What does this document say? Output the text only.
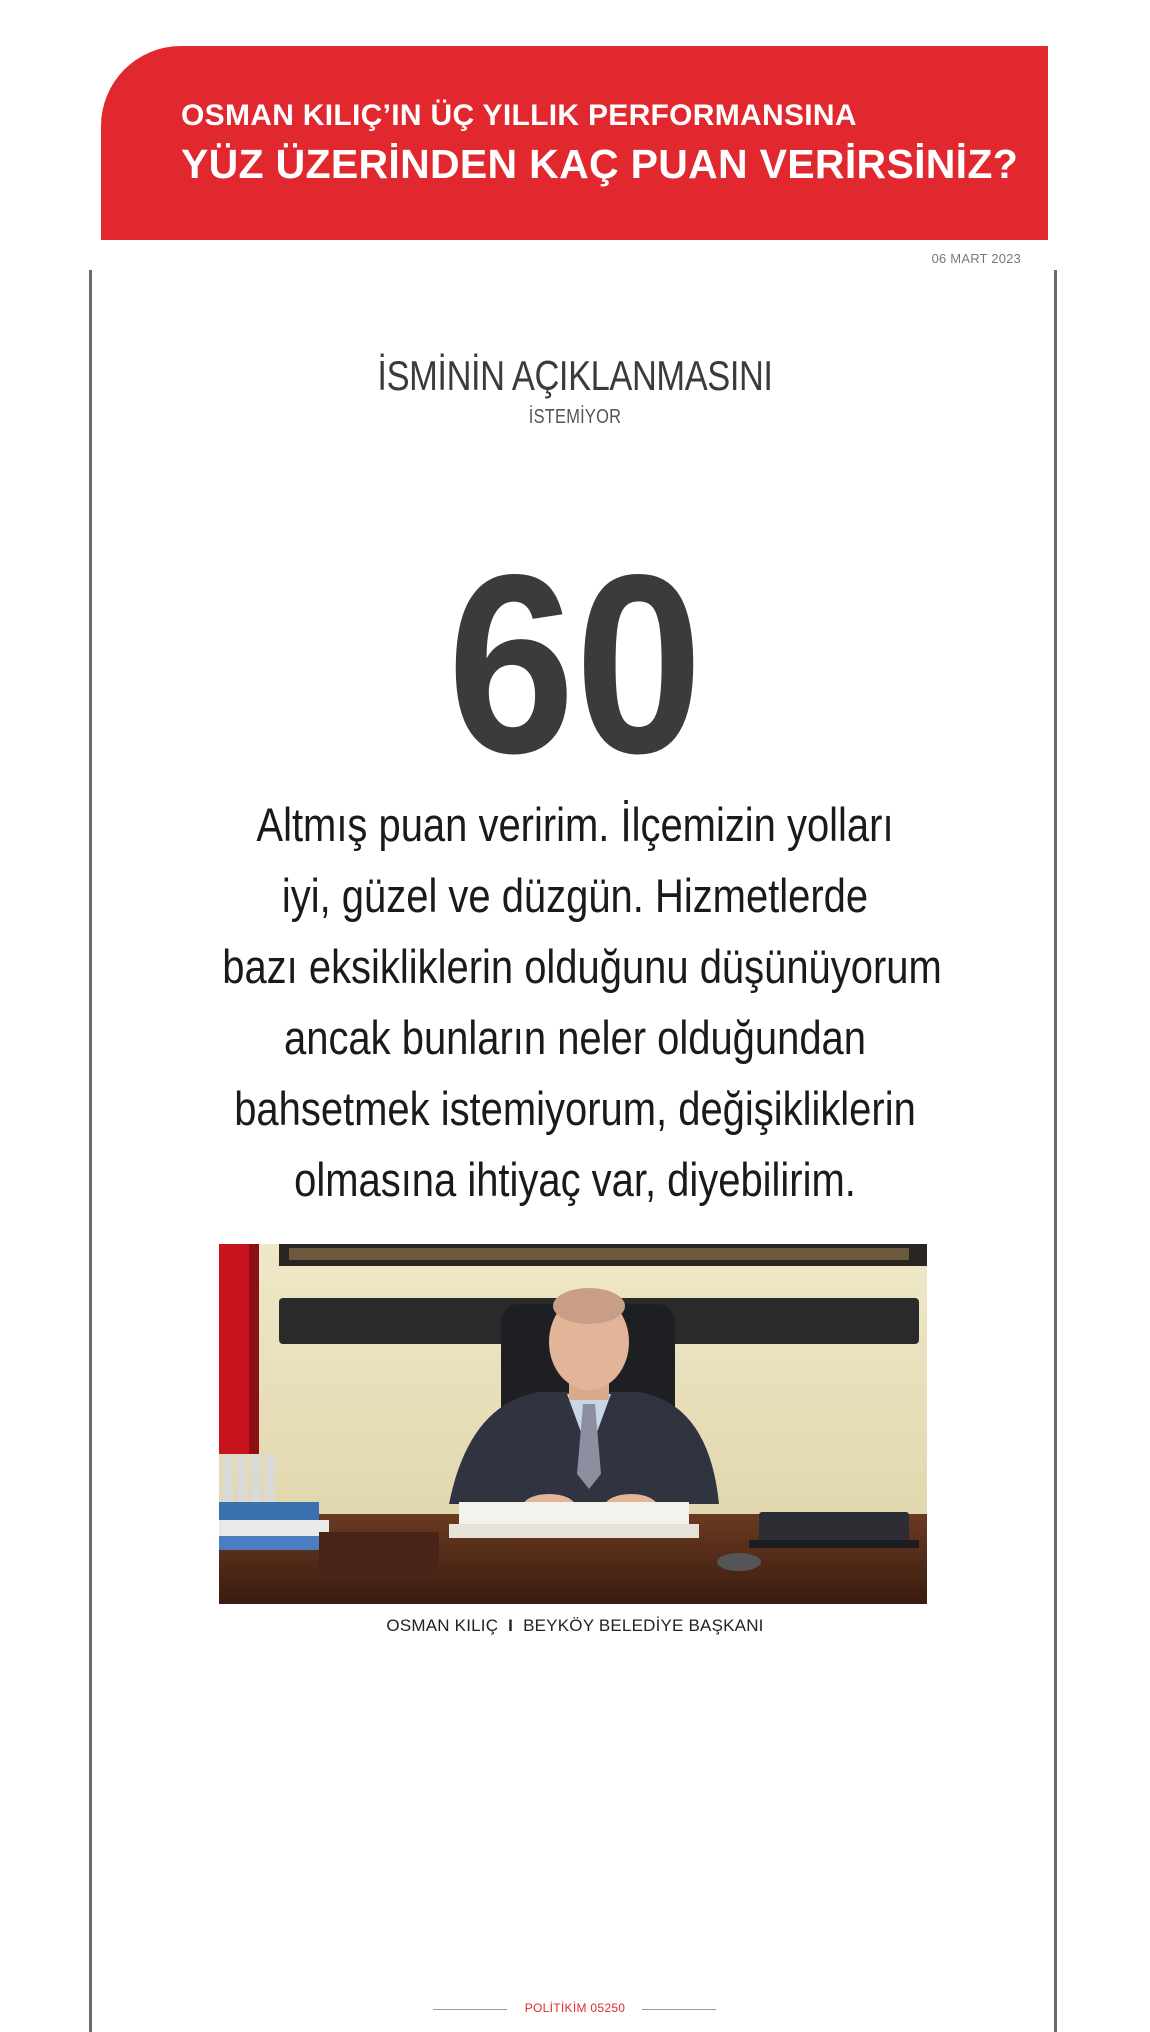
OSMAN KILIÇ’IN ÜÇ YILLIK PERFORMANSINA
YÜZ ÜZERİNDEN KAÇ PUAN VERİRSİNİZ?
06 MART 2023
İSMİNİN AÇIKLANMASINI
İSTEMİYOR
60
Altmış puan veririm. İlçemizin yolları
iyi, güzel ve düzgün. Hizmetlerde
bazı eksikliklerin olduğunu düşünüyorum
ancak bunların neler olduğundan
bahsetmek istemiyorum, değişikliklerin
olmasına ihtiyaç var, diyebilirim.
OSMAN KILIÇ I BEYKÖY BELEDİYE BAŞKANI
POLİTİKİM 05250
